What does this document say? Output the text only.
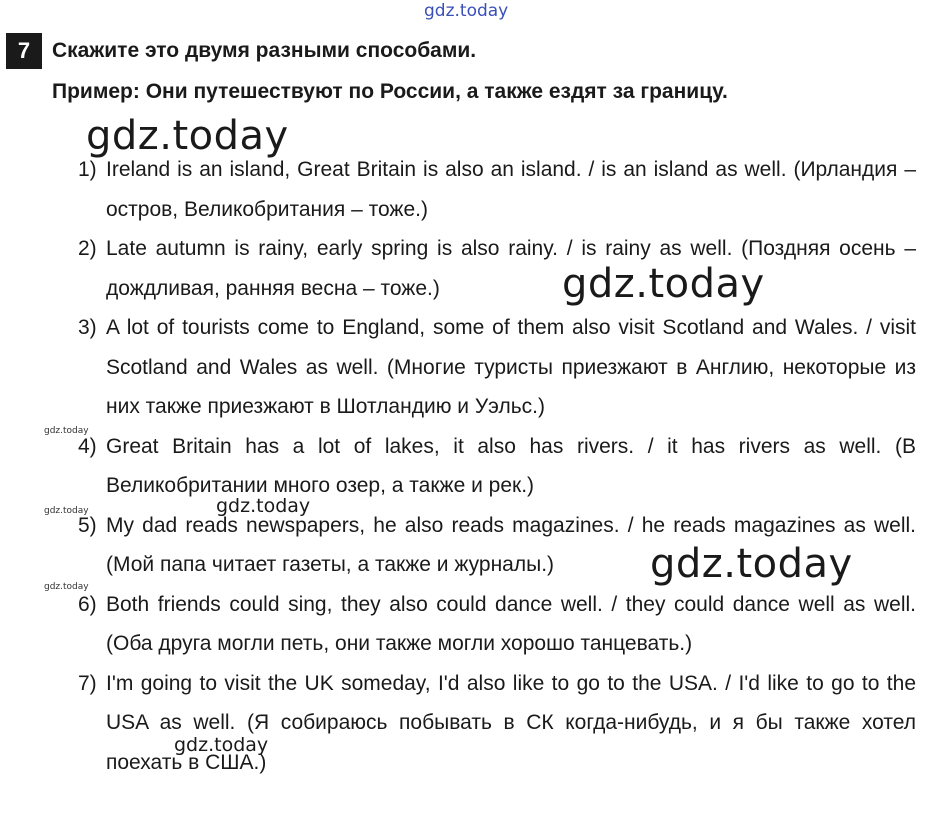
gdz.today
7	Скажите это двумя разными способами.
Пример: Они путешествуют по России, а также ездят за границу.
1) Ireland is an island, Great Britain is also an island. / is an island as well. (Ирландия – остров, Великобритания – тоже.)
2) Late autumn is rainy, early spring is also rainy. / is rainy as well. (Поздняя осень – дождливая, ранняя весна – тоже.)
3) A lot of tourists come to England, some of them also visit Scotland and Wales. / visit Scotland and Wales as well. (Многие туристы приезжают в Англию, некоторые из них также приезжают в Шотландию и Уэльс.)
4) Great Britain has a lot of lakes, it also has rivers. / it has rivers as well. (В Великобритании много озер, а также и рек.)
5) My dad reads newspapers, he also reads magazines. / he reads magazines as well. (Мой папа читает газеты, а также и журналы.)
6) Both friends could sing, they also could dance well. / they could dance well as well. (Оба друга могли петь, они также могли хорошо танцевать.)
7) I'm going to visit the UK someday, I'd also like to go to the USA. / I'd like to go to the USA as well. (Я собираюсь побывать в СК когда-нибудь, и я бы также хотел поехать в США.)
gdz.today
gdz.today
gdz.today
gdz.today
gdz.today
gdz.today
gdz.today
gdz.today
